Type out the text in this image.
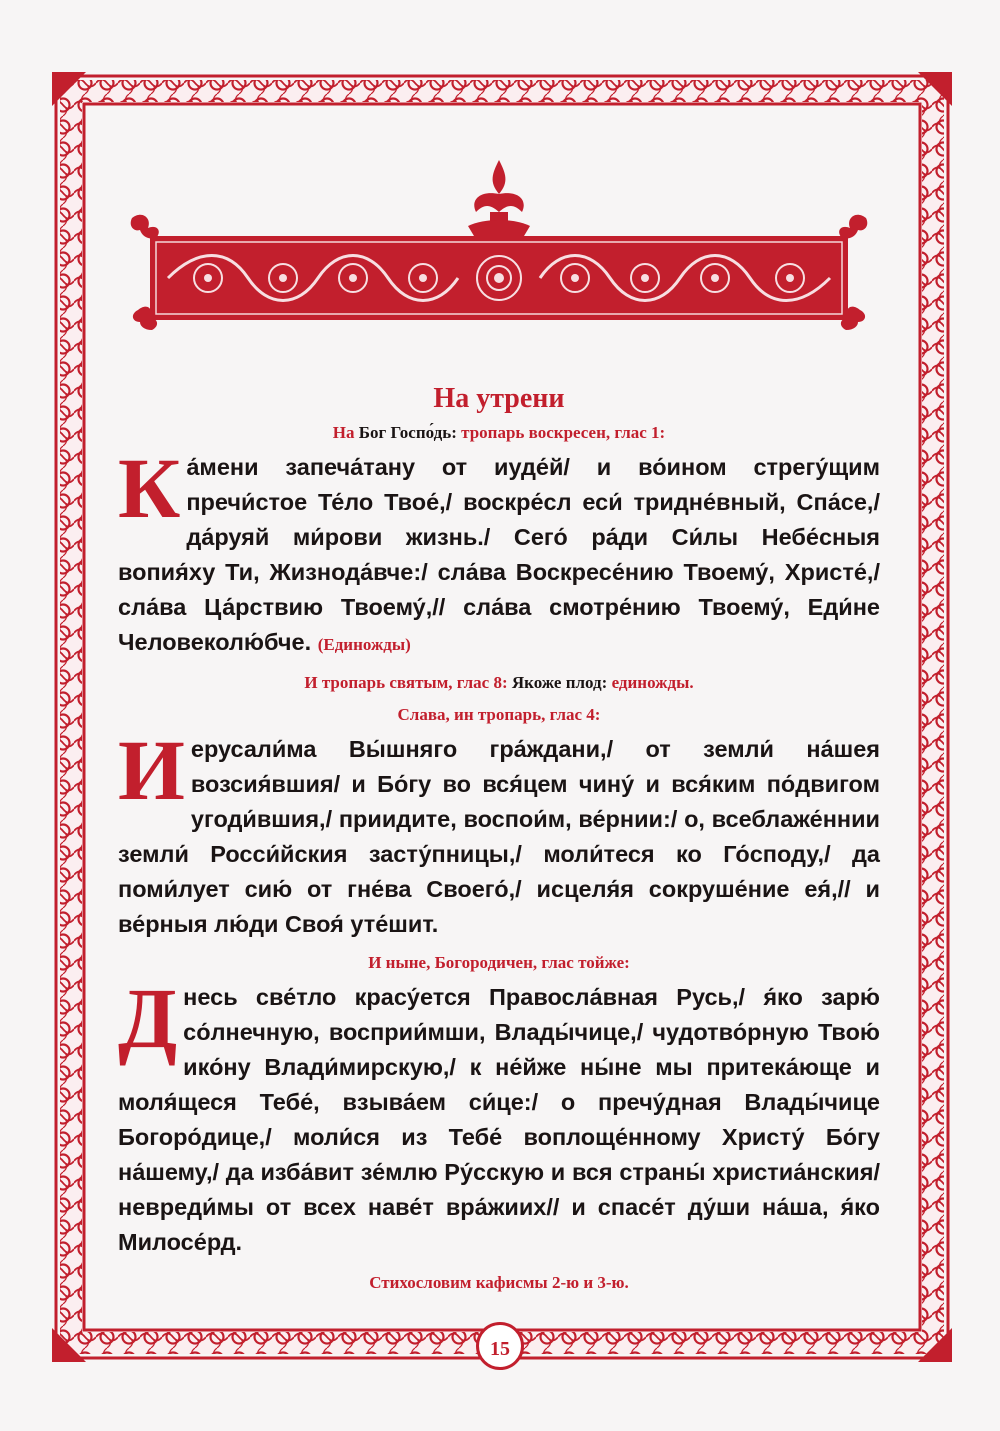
На утрени

На Бог Госпо́дь: тропарь воскресен, глас 1:

Ка́мени запеча́тану от иуде́й/ и во́ином стрегу́щим пречи́стое Те́ло Твое́,/ воскре́сл еси́ тридне́вный, Спа́се,/ да́руяй ми́рови жизнь./ Сего́ ра́ди Си́лы Небе́сныя вопия́ху Ти, Жизнода́вче:/ сла́ва Воскресе́нию Твоему́, Христе́,/ сла́ва Ца́рствию Твоему́,// сла́ва смотре́нию Твоему́, Еди́не Человеколю́бче. (Единожды)

И тропарь святым, глас 8: Якоже плод: единожды.

Слава, ин тропарь, глас 4:

Иерусали́ма Вы́шняго гра́ждани,/ от земли́ на́шея возсия́вшия/ и Бо́гу во вся́цем чину́ и вся́ким по́двигом угоди́вшия,/ приидите, воспои́м, ве́рнии:/ о, всеблаже́ннии земли́ Росси́йския засту́пницы,/ моли́теся ко Го́споду,/ да поми́лует сию́ от гне́ва Своего́,/ исцеля́я сокруше́ние ея́,// и ве́рныя лю́ди Своя́ уте́шит.

И ныне, Богородичен, глас тойже:

Днесь све́тло красу́ется Правосла́вная Русь,/ я́ко зарю́ со́лнечную, восприи́мши, Влады́чице,/ чудотво́рную Твою́ ико́ну Влади́мирскую,/ к не́йже ны́не мы притека́юще и моля́щеся Тебе́, взыва́ем си́це:/ о пречу́дная Влады́чице Богоро́дице,/ моли́ся из Тебе́ воплоще́нному Христу́ Бо́гу на́шему,/ да изба́вит зе́млю Ру́сскую и вся страны́ христиа́нския/ невреди́мы от всех наве́т вра́жиих// и спасе́т ду́ши на́ша, я́ко Милосе́рд.

Стихословим кафисмы 2-ю и 3-ю.

15
